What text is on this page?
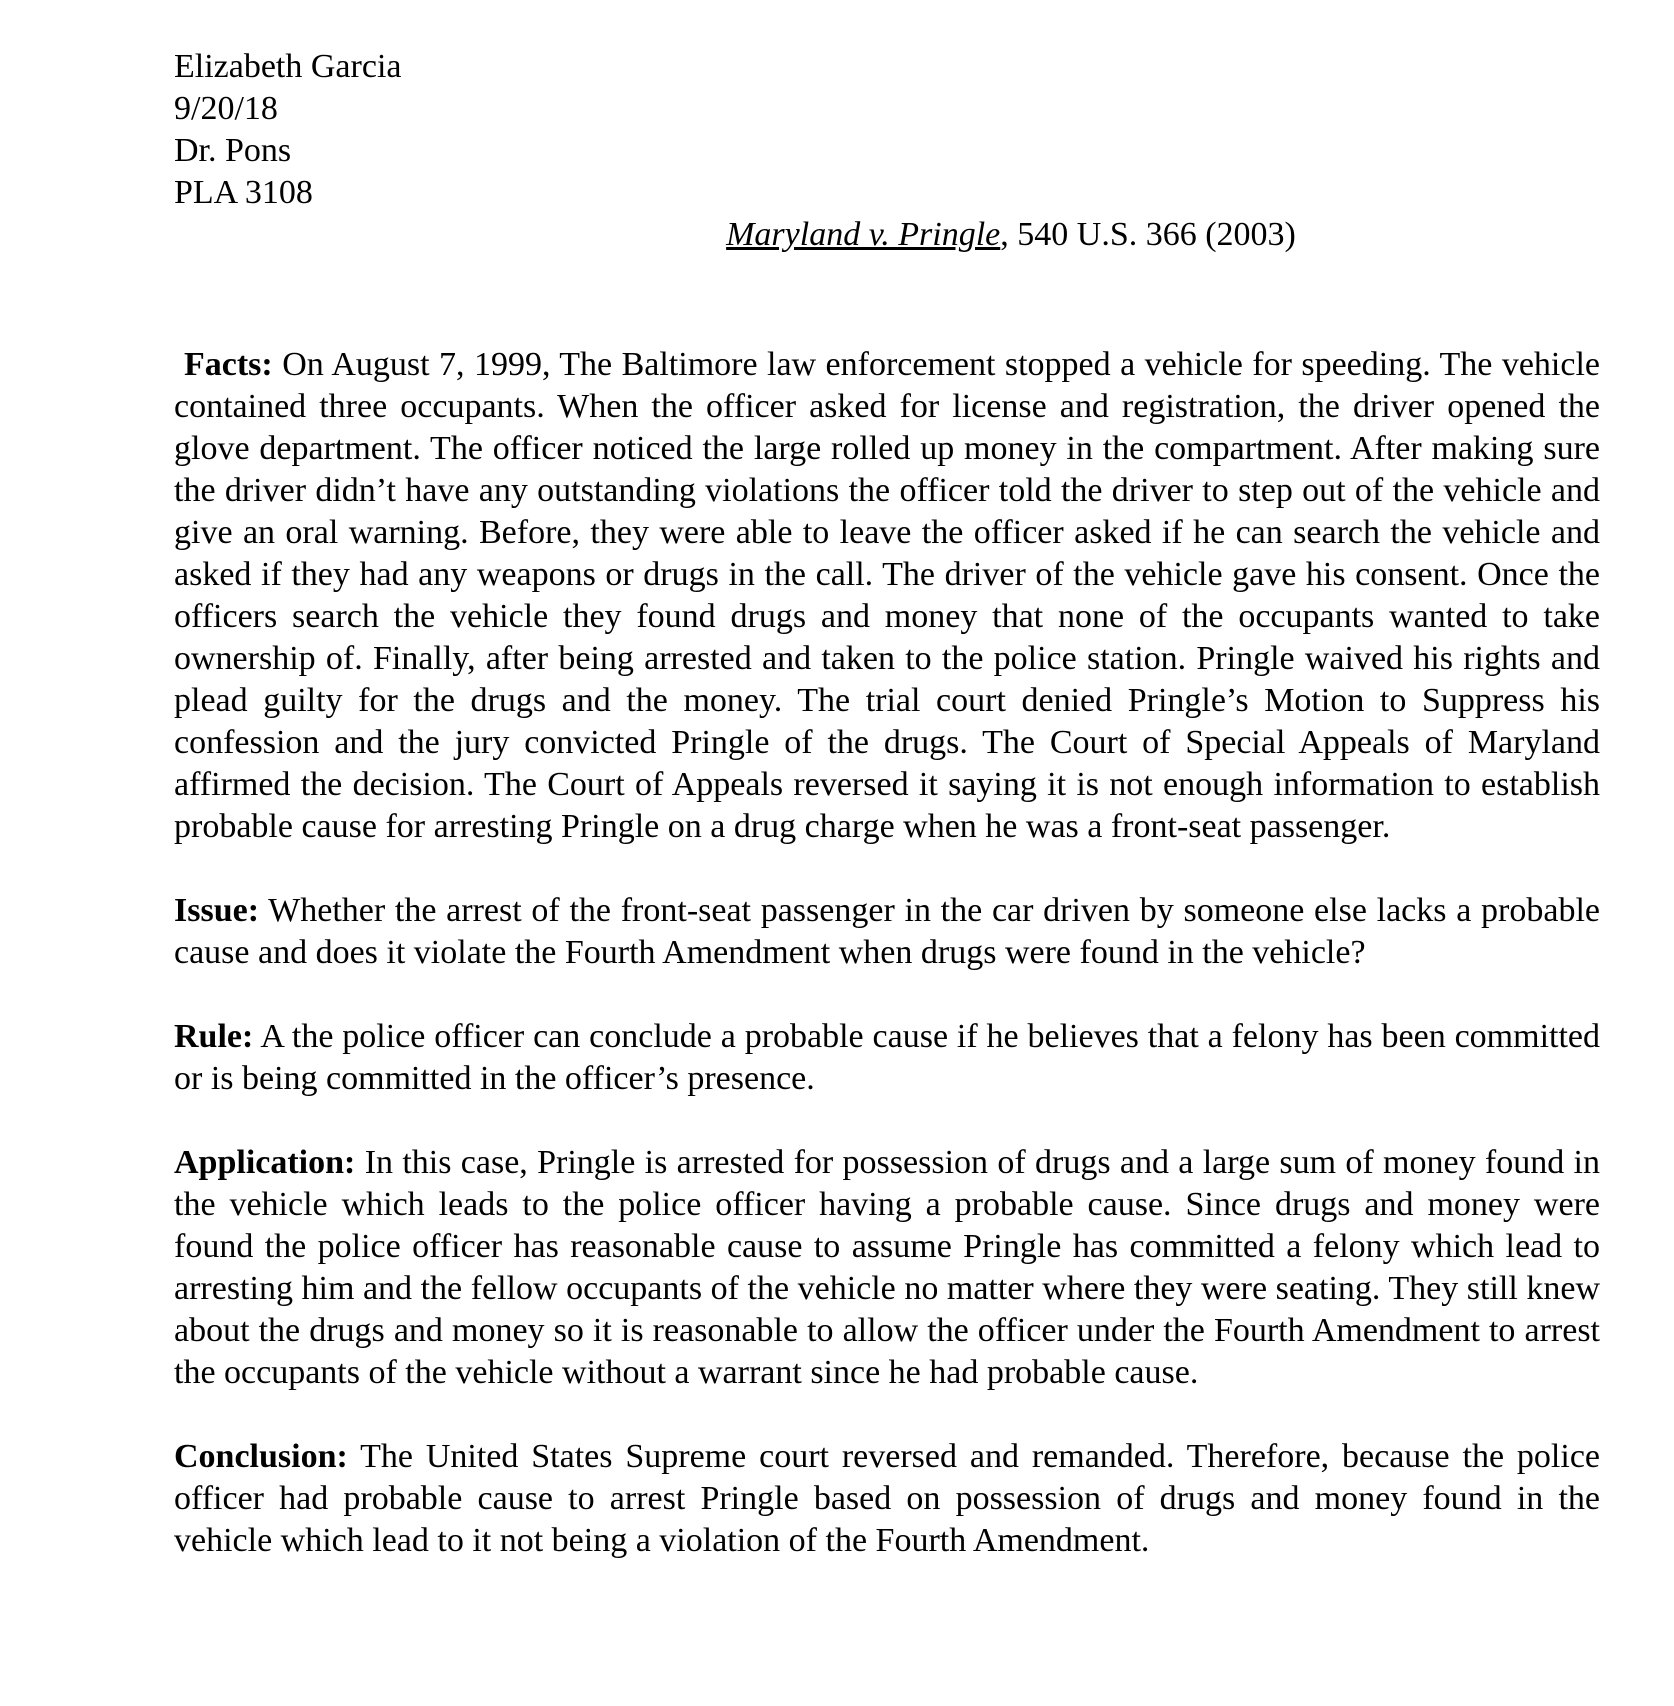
Elizabeth Garcia

9/20/18

Dr. Pons

PLA 3108

Maryland v. Pringle, 540 U.S. 366 (2003)

Facts: On August 7, 1999, The Baltimore law enforcement stopped a vehicle for speeding. The vehicle contained three occupants. When the officer asked for license and registration, the driver opened the glove department. The officer noticed the large rolled up money in the compartment. After making sure the driver didn’t have any outstanding violations the officer told the driver to step out of the vehicle and give an oral warning. Before, they were able to leave the officer asked if he can search the vehicle and asked if they had any weapons or drugs in the call. The driver of the vehicle gave his consent. Once the officers search the vehicle they found drugs and money that none of the occupants wanted to take ownership of. Finally, after being arrested and taken to the police station. Pringle waived his rights and plead guilty for the drugs and the money. The trial court denied Pringle’s Motion to Suppress his confession and the jury convicted Pringle of the drugs. The Court of Special Appeals of Maryland affirmed the decision. The Court of Appeals reversed it saying it is not enough information to establish probable cause for arresting Pringle on a drug charge when he was a front-seat passenger.

Issue: Whether the arrest of the front-seat passenger in the car driven by someone else lacks a probable cause and does it violate the Fourth Amendment when drugs were found in the vehicle?

Rule: A the police officer can conclude a probable cause if he believes that a felony has been committed or is being committed in the officer’s presence.

Application: In this case, Pringle is arrested for possession of drugs and a large sum of money found in the vehicle which leads to the police officer having a probable cause. Since drugs and money were found the police officer has reasonable cause to assume Pringle has committed a felony which lead to arresting him and the fellow occupants of the vehicle no matter where they were seating. They still knew about the drugs and money so it is reasonable to allow the officer under the Fourth Amendment to arrest the occupants of the vehicle without a warrant since he had probable cause.

Conclusion: The United States Supreme court reversed and remanded. Therefore, because the police officer had probable cause to arrest Pringle based on possession of drugs and money found in the vehicle which lead to it not being a violation of the Fourth Amendment.
